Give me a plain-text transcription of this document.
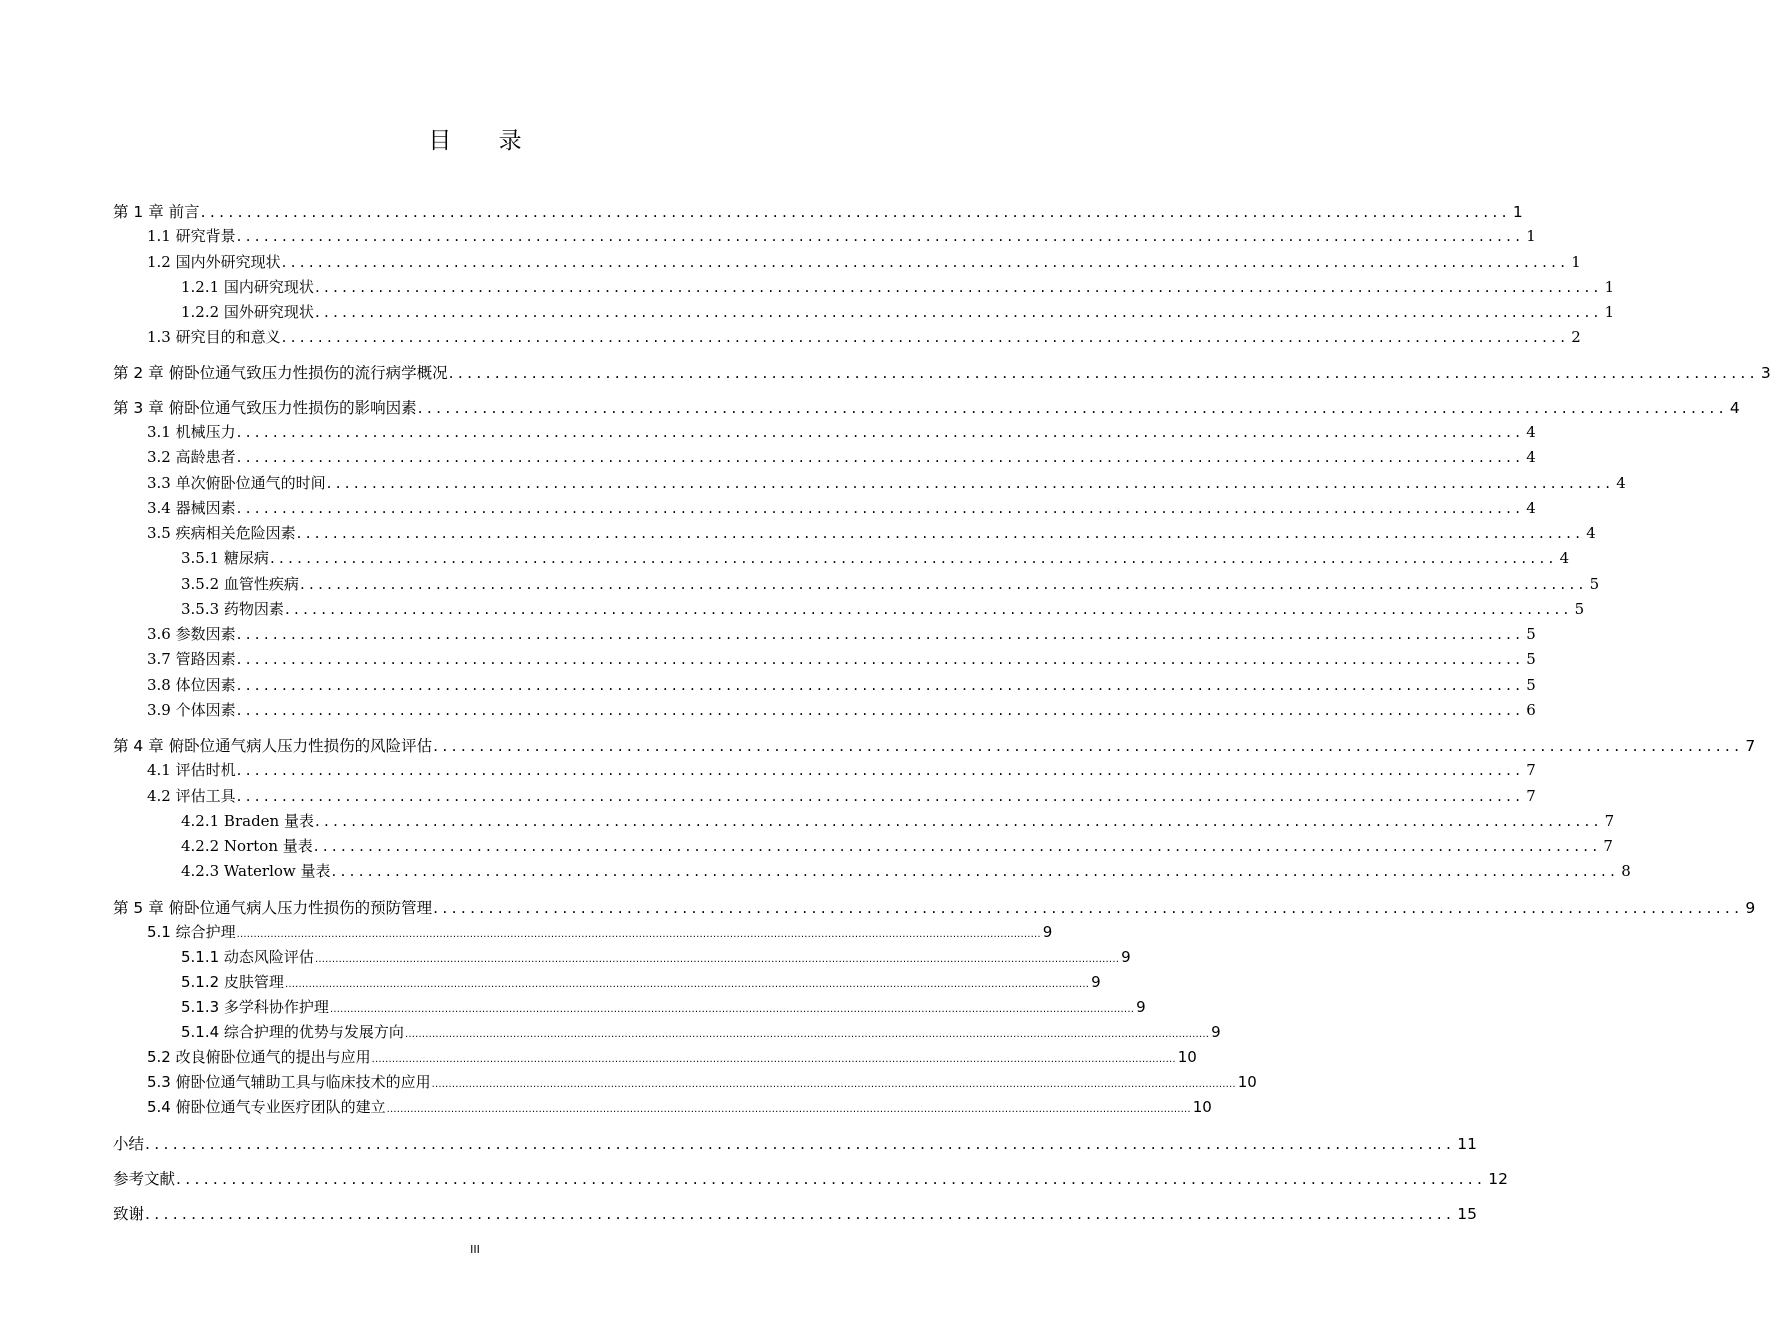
目 录
第 1 章 前言 .............................................................................................................................................. 1
1.1 研究背景 .............................................................................................................................................. 1
1.2 国内外研究现状 .............................................................................................................................................. 1
1.2.1 国内研究现状 .............................................................................................................................................. 1
1.2.2 国外研究现状 .............................................................................................................................................. 1
1.3 研究目的和意义 .............................................................................................................................................. 2
第 2 章 俯卧位通气致压力性损伤的流行病学概况 .............................................................................................................................................. 3
第 3 章 俯卧位通气致压力性损伤的影响因素 .............................................................................................................................................. 4
3.1 机械压力 .............................................................................................................................................. 4
3.2 高龄患者 .............................................................................................................................................. 4
3.3 单次俯卧位通气的时间 .............................................................................................................................................. 4
3.4 器械因素 .............................................................................................................................................. 4
3.5 疾病相关危险因素 .............................................................................................................................................. 4
3.5.1 糖尿病 .............................................................................................................................................. 4
3.5.2 血管性疾病 .............................................................................................................................................. 5
3.5.3 药物因素 .............................................................................................................................................. 5
3.6 参数因素 .............................................................................................................................................. 5
3.7 管路因素 .............................................................................................................................................. 5
3.8 体位因素 .............................................................................................................................................. 5
3.9 个体因素 .............................................................................................................................................. 6
第 4 章 俯卧位通气病人压力性损伤的风险评估 .............................................................................................................................................. 7
4.1 评估时机 .............................................................................................................................................. 7
4.2 评估工具 .............................................................................................................................................. 7
4.2.1 Braden 量表 .............................................................................................................................................. 7
4.2.2 Norton 量表 .............................................................................................................................................. 7
4.2.3 Waterlow 量表 .............................................................................................................................................. 8
第 5 章 俯卧位通气病人压力性损伤的预防管理 .............................................................................................................................................. 9
5.1 综合护理 .............................................................................................................................................................................................................................................. 9
5.1.1 动态风险评估 .............................................................................................................................................................................................................................................. 9
5.1.2 皮肤管理 .............................................................................................................................................................................................................................................. 9
5.1.3 多学科协作护理 .............................................................................................................................................................................................................................................. 9
5.1.4 综合护理的优势与发展方向 .............................................................................................................................................................................................................................................. 9
5.2 改良俯卧位通气的提出与应用 .............................................................................................................................................................................................................................................. 10
5.3 俯卧位通气辅助工具与临床技术的应用 .............................................................................................................................................................................................................................................. 10
5.4 俯卧位通气专业医疗团队的建立 .............................................................................................................................................................................................................................................. 10
小结 .............................................................................................................................................. 11
参考文献 .............................................................................................................................................. 12
致谢 .............................................................................................................................................. 15
III
